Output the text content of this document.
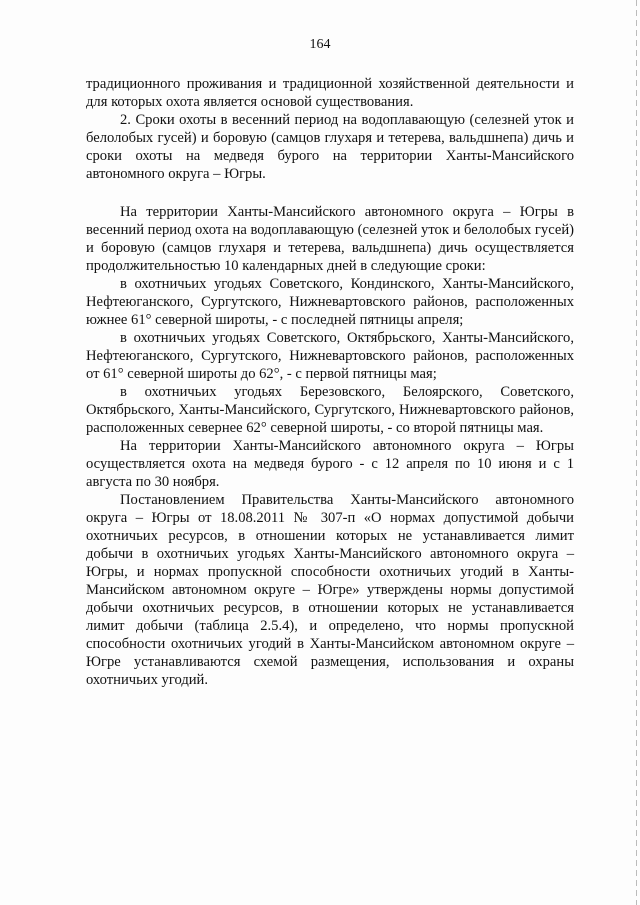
164

традиционного проживания и традиционной хозяйственной деятельности и для которых охота является основой существования.

2. Сроки охоты в весенний период на водоплавающую (селезней уток и белолобых гусей) и боровую (самцов глухаря и тетерева, вальдшнепа) дичь и сроки охоты на медведя бурого на территории Ханты-Мансийского автономного округа – Югры.

На территории Ханты-Мансийского автономного округа – Югры в весенний период охота на водоплавающую (селезней уток и белолобых гусей) и боровую (самцов глухаря и тетерева, вальдшнепа) дичь осуществляется продолжительностью 10 календарных дней в следующие сроки:

в охотничьих угодьях Советского, Кондинского, Ханты-Мансийского, Нефтеюганского, Сургутского, Нижневартовского районов, расположенных южнее 61° северной широты, - с последней пятницы апреля;

в охотничьих угодьях Советского, Октябрьского, Ханты-Мансийского, Нефтеюганского, Сургутского, Нижневартовского районов, расположенных от 61° северной широты до 62°, - с первой пятницы мая;

в охотничьих угодьях Березовского, Белоярского, Советского, Октябрьского, Ханты-Мансийского, Сургутского, Нижневартовского районов, расположенных севернее 62° северной широты, - со второй пятницы мая.

На территории Ханты-Мансийского автономного округа – Югры осуществляется охота на медведя бурого - с 12 апреля по 10 июня и с 1 августа по 30 ноября.

Постановлением Правительства Ханты-Мансийского автономного округа – Югры от 18.08.2011 № 307-п «О нормах допустимой добычи охотничьих ресурсов, в отношении которых не устанавливается лимит добычи в охотничьих угодьях Ханты-Мансийского автономного округа – Югры, и нормах пропускной способности охотничьих угодий в Ханты-Мансийском автономном округе – Югре» утверждены нормы допустимой добычи охотничьих ресурсов, в отношении которых не устанавливается лимит добычи (таблица 2.5.4), и определено, что нормы пропускной способности охотничьих угодий в Ханты-Мансийском автономном округе – Югре устанавливаются схемой размещения, использования и охраны охотничьих угодий.
